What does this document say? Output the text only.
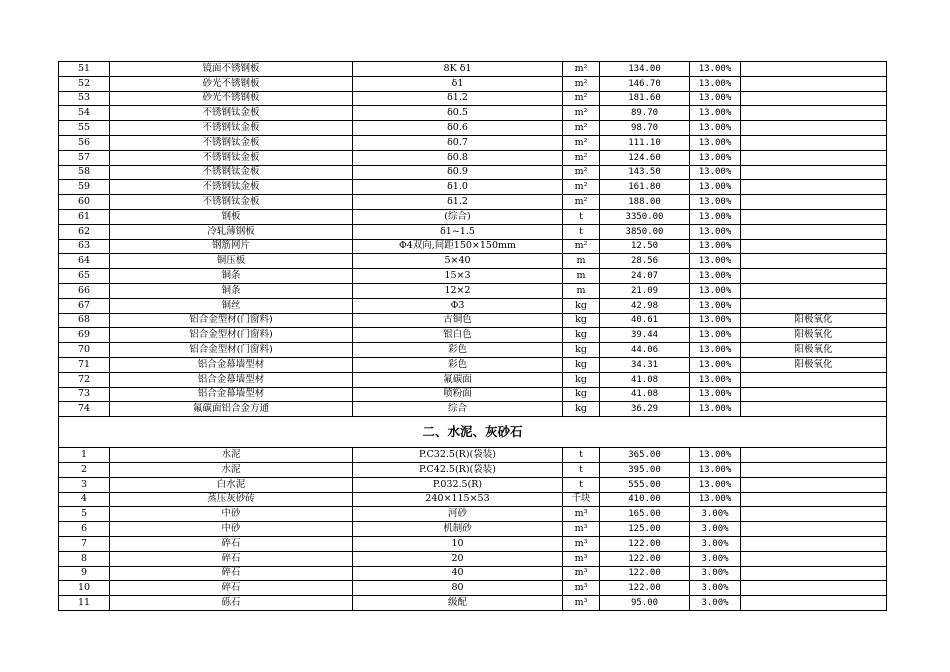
51	镜面不锈钢板	8K δ1	m²	134.00	13.00%	
52	砂光不锈钢板	δ1	m²	146.70	13.00%	
53	砂光不锈钢板	δ1.2	m²	181.60	13.00%	
54	不锈钢钛金板	δ0.5	m²	89.70	13.00%	
55	不锈钢钛金板	δ0.6	m²	98.70	13.00%	
56	不锈钢钛金板	δ0.7	m²	111.10	13.00%	
57	不锈钢钛金板	δ0.8	m²	124.60	13.00%	
58	不锈钢钛金板	δ0.9	m²	143.50	13.00%	
59	不锈钢钛金板	δ1.0	m²	161.80	13.00%	
60	不锈钢钛金板	δ1.2	m²	188.00	13.00%	
61	钢板	(综合)	t	3350.00	13.00%	
62	冷轧薄钢板	δ1~1.5	t	3850.00	13.00%	
63	钢筋网片	Φ4双向,间距150×150mm	m²	12.50	13.00%	
64	铜压板	5×40	m	28.56	13.00%	
65	铜条	15×3	m	24.07	13.00%	
66	铜条	12×2	m	21.09	13.00%	
67	铜丝	Φ3	kg	42.98	13.00%	
68	铝合金型材(门窗料)	古铜色	kg	40.61	13.00%	阳极氧化
69	铝合金型材(门窗料)	银白色	kg	39.44	13.00%	阳极氧化
70	铝合金型材(门窗料)	彩色	kg	44.06	13.00%	阳极氧化
71	铝合金幕墙型材	彩色	kg	34.31	13.00%	阳极氧化
72	铝合金幕墙型材	氟碳面	kg	41.08	13.00%	
73	铝合金幕墙型材	喷粉面	kg	41.08	13.00%	
74	氟碳面铝合金方通	综合	kg	36.29	13.00%	
二、水泥、灰砂石						
1	水泥	P.C32.5(R)(袋装)	t	365.00	13.00%	
2	水泥	P.C42.5(R)(袋装)	t	395.00	13.00%	
3	白水泥	P.032.5(R)	t	555.00	13.00%	
4	蒸压灰砂砖	240×115×53	千块	410.00	13.00%	
5	中砂	河砂	m³	165.00	3.00%	
6	中砂	机制砂	m³	125.00	3.00%	
7	碎石	10	m³	122.00	3.00%	
8	碎石	20	m³	122.00	3.00%	
9	碎石	40	m³	122.00	3.00%	
10	碎石	80	m³	122.00	3.00%	
11	砾石	级配	m³	95.00	3.00%	
